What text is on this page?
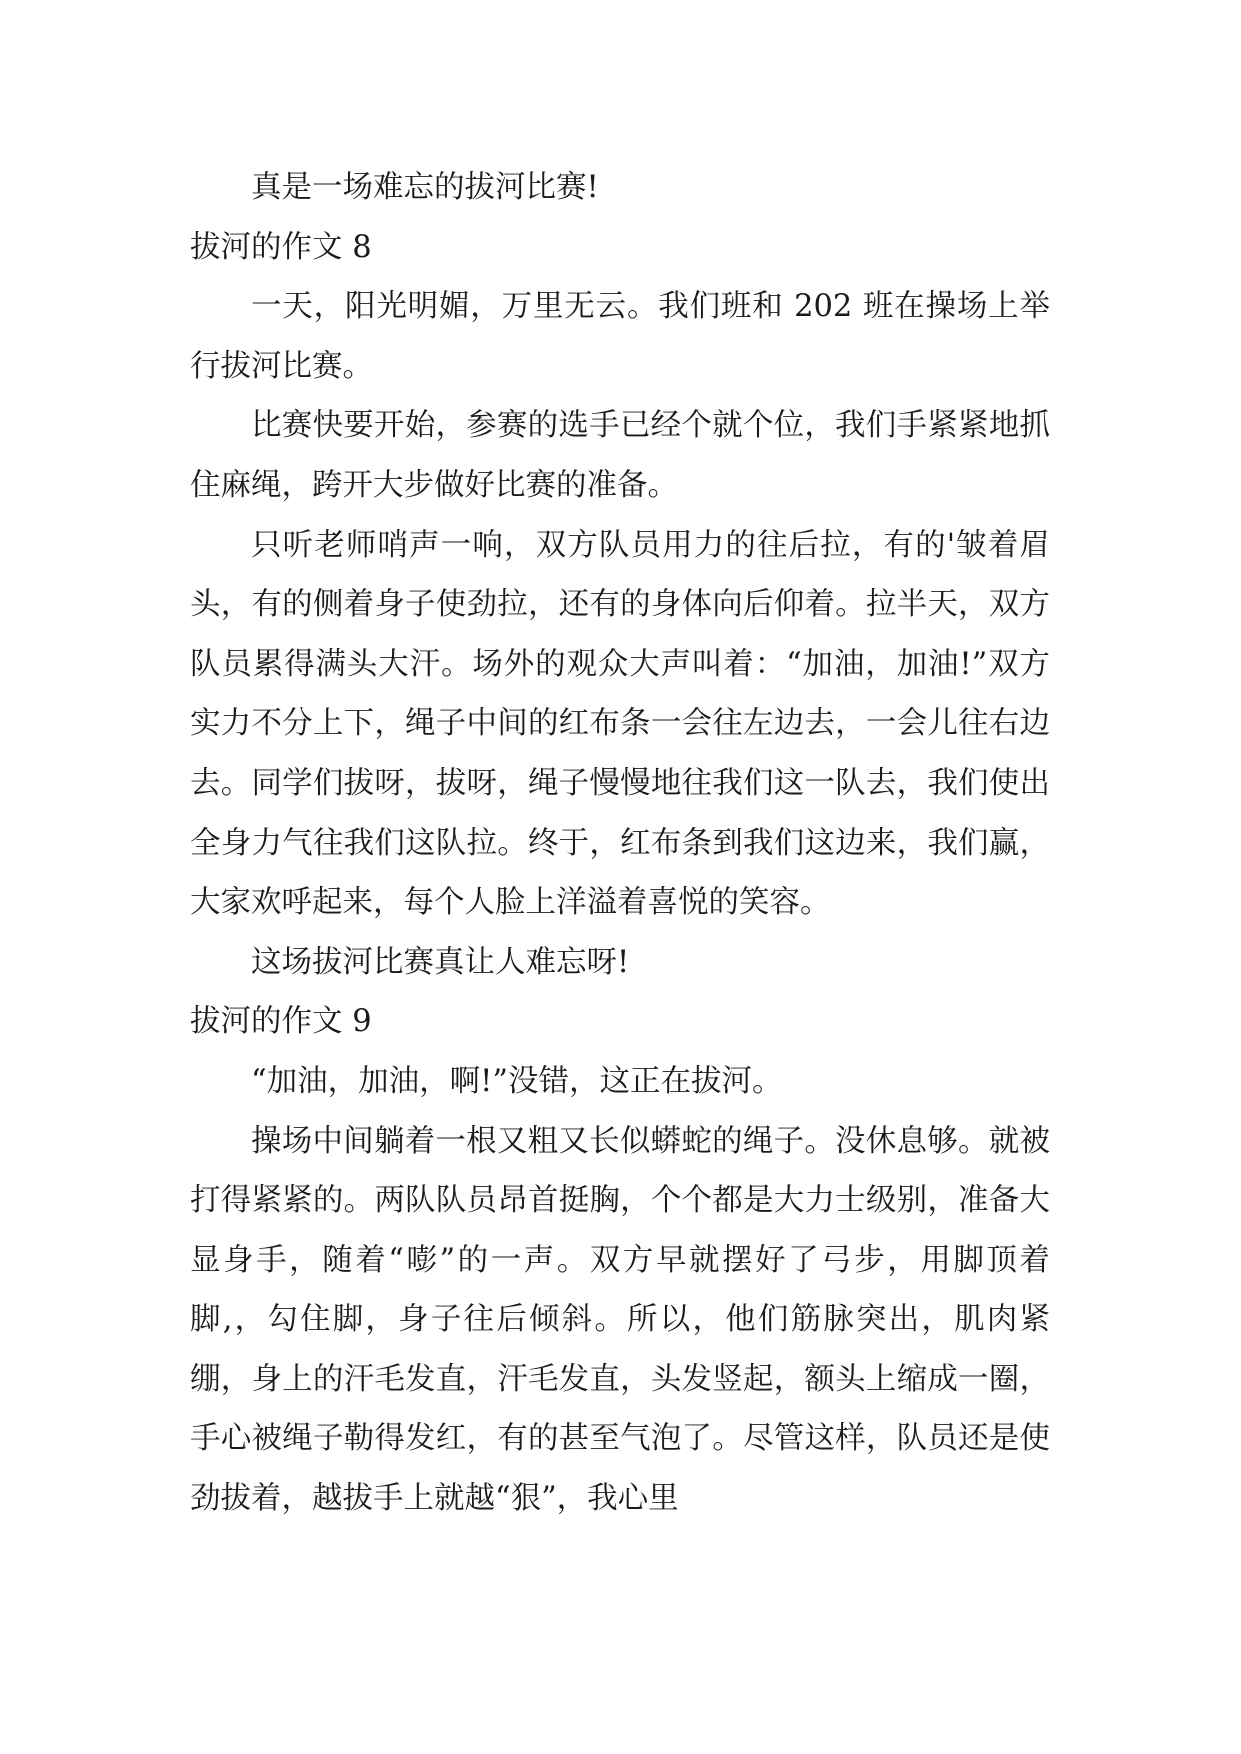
真是一场难忘的拔河比赛!

拔河的作文 8

一天，阳光明媚，万里无云。我们班和 202 班在操场上举行拔河比赛。

比赛快要开始，参赛的选手已经个就个位，我们手紧紧地抓住麻绳，跨开大步做好比赛的准备。

只听老师哨声一响，双方队员用力的往后拉，有的'皱着眉头，有的侧着身子使劲拉，还有的身体向后仰着。拉半天，双方队员累得满头大汗。场外的观众大声叫着：“加油，加油!”双方实力不分上下，绳子中间的红布条一会往左边去，一会儿往右边去。同学们拔呀，拔呀，绳子慢慢地往我们这一队去，我们使出全身力气往我们这队拉。终于，红布条到我们这边来，我们赢，大家欢呼起来，每个人脸上洋溢着喜悦的笑容。

这场拔河比赛真让人难忘呀!

拔河的作文 9

“加油，加油，啊!”没错，这正在拔河。

操场中间躺着一根又粗又长似蟒蛇的绳子。没休息够。就被打得紧紧的。两队队员昂首挺胸，个个都是大力士级别，准备大显身手，随着“嘭”的一声。双方早就摆好了弓步，用脚顶着脚,，勾住脚，身子往后倾斜。所以，他们筋脉突出，肌肉紧绷，身上的汗毛发直，汗毛发直，头发竖起，额头上缩成一圈，手心被绳子勒得发红，有的甚至气泡了。尽管这样，队员还是使劲拔着，越拔手上就越“狠”，我心里
